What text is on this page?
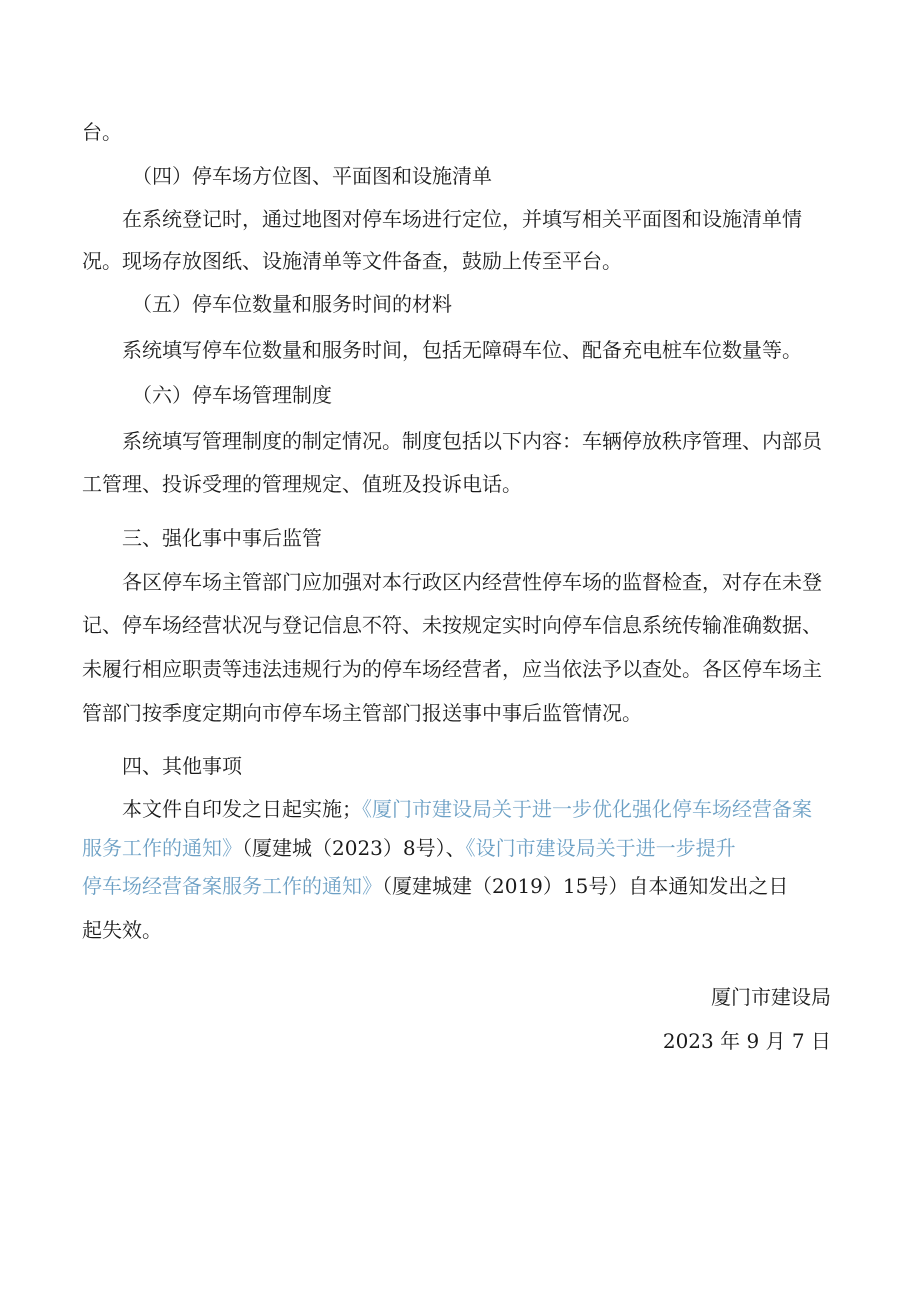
台。
（四）停车场方位图、平面图和设施清单
在系统登记时，通过地图对停车场进行定位，并填写相关平面图和设施清单情
况。现场存放图纸、设施清单等文件备查，鼓励上传至平台。
（五）停车位数量和服务时间的材料
系统填写停车位数量和服务时间，包括无障碍车位、配备充电桩车位数量等。
（六）停车场管理制度
系统填写管理制度的制定情况。制度包括以下内容：车辆停放秩序管理、内部员
工管理、投诉受理的管理规定、值班及投诉电话。
三、强化事中事后监管
各区停车场主管部门应加强对本行政区内经营性停车场的监督检查，对存在未登
记、停车场经营状况与登记信息不符、未按规定实时向停车信息系统传输准确数据、
未履行相应职责等违法违规行为的停车场经营者，应当依法予以查处。各区停车场主
管部门按季度定期向市停车场主管部门报送事中事后监管情况。
四、其他事项
本文件自印发之日起实施；《厦门市建设局关于进一步优化强化停车场经营备案
服务工作的通知》（厦建城（2023）8号）、《设门市建设局关于进一步提升
停车场经营备案服务工作的通知》（厦建城建（2019）15号）自本通知发出之日
起失效。
厦门市建设局
2023 年 9 月 7 日
